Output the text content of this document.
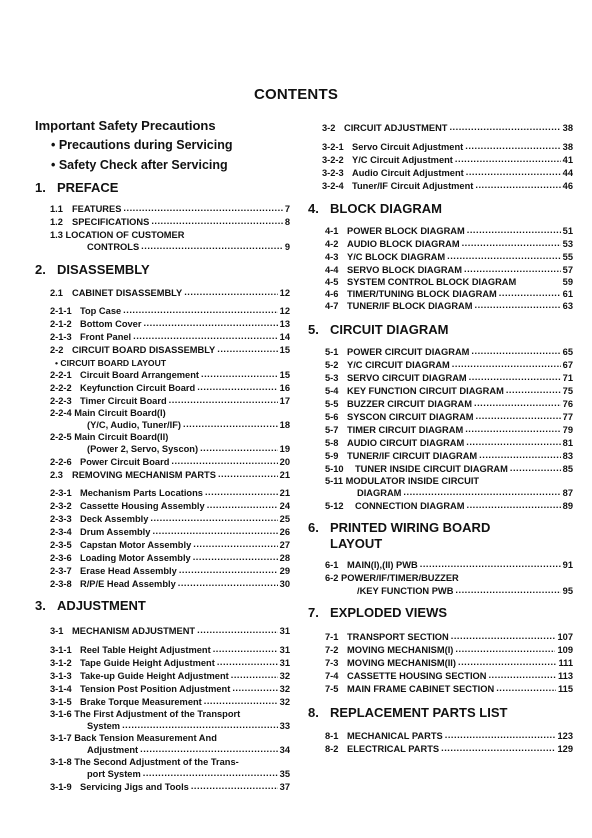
CONTENTS
Important Safety Precautions
• Precautions during Servicing
• Safety Check after Servicing
1. PREFACE
1.1 FEATURES .....	7
1.2 SPECIFICATIONS .....	8
1.3 LOCATION OF CUSTOMER
CONTROLS .....	9
2. DISASSEMBLY
2.1 CABINET DISASSEMBLY .....	12
2-1-1 Top Case .....	12
2-1-2 Bottom Cover .....	13
2-1-3 Front Panel .....	14
2-2 CIRCUIT BOARD DISASSEMBLY .....	15
• CIRCUIT BOARD LAYOUT
2-2-1 Circuit Board Arrangement .....	15
2-2-2 Keyfunction Circuit Board .....	16
2-2-3 Timer Circuit Board .....	17
2-2-4 Main Circuit Board(I)
(Y/C, Audio, Tuner/IF) .....	18
2-2-5 Main Circuit Board(II)
(Power 2, Servo, Syscon) .....	19
2-2-6 Power Circuit Board .....	20
2.3 REMOVING MECHANISM PARTS .....	21
2-3-1 Mechanism Parts Locations .....	21
2-3-2 Cassette Housing Assembly .....	24
2-3-3 Deck Assembly .....	25
2-3-4 Drum Assembly .....	26
2-3-5 Capstan Motor Assembly .....	27
2-3-6 Loading Motor Assembly .....	28
2-3-7 Erase Head Assembly .....	29
2-3-8 R/P/E Head Assembly .....	30
3. ADJUSTMENT
3-1 MECHANISM ADJUSTMENT .....	31
3-1-1 Reel Table Height Adjustment .....	31
3-1-2 Tape Guide Height Adjustment .....	31
3-1-3 Take-up Guide Height Adjustment .....	32
3-1-4 Tension Post Position Adjustment .....	32
3-1-5 Brake Torque Measurement .....	32
3-1-6 The First Adjustment of the Transport
System .....	33
3-1-7 Back Tension Measurement And
Adjustment .....	34
3-1-8 The Second Adjustment of the Trans-
port System .....	35
3-1-9 Servicing Jigs and Tools .....	37
3-2 CIRCUIT ADJUSTMENT .....	38
3-2-1 Servo Circuit Adjustment .....	38
3-2-2 Y/C Circuit Adjustment .....	41
3-2-3 Audio Circuit Adjustment .....	44
3-2-4 Tuner/IF Circuit Adjustment .....	46
4. BLOCK DIAGRAM
4-1 POWER BLOCK DIAGRAM .....	51
4-2 AUDIO BLOCK DIAGRAM .....	53
4-3 Y/C BLOCK DIAGRAM .....	55
4-4 SERVO BLOCK DIAGRAM .....	57
4-5 SYSTEM CONTROL BLOCK DIAGRAM	59
4-6 TIMER/TUNING BLOCK DIAGRAM .....	61
4-7 TUNER/IF BLOCK DIAGRAM .....	63
5. CIRCUIT DIAGRAM
5-1 POWER CIRCUIT DIAGRAM .....	65
5-2 Y/C CIRCUIT DIAGRAM .....	67
5-3 SERVO CIRCUIT DIAGRAM .....	71
5-4 KEY FUNCTION CIRCUIT DIAGRAM .....	75
5-5 BUZZER CIRCUIT DIAGRAM .....	76
5-6 SYSCON CIRCUIT DIAGRAM .....	77
5-7 TIMER CIRCUIT DIAGRAM .....	79
5-8 AUDIO CIRCUIT DIAGRAM .....	81
5-9 TUNER/IF CIRCUIT DIAGRAM .....	83
5-10	TUNER INSIDE CIRCUIT DIAGRAM .....	85
5-11 MODULATOR INSIDE CIRCUIT
DIAGRAM .....	87
5-12	CONNECTION DIAGRAM .....	89
6. PRINTED WIRING BOARD
LAYOUT
6-1 MAIN(I),(II) PWB .....	91
6-2 POWER/IF/TIMER/BUZZER
/KEY FUNCTION PWB .....	95
7. EXPLODED VIEWS
7-1 TRANSPORT SECTION .....	107
7-2 MOVING MECHANISM(I) .....	109
7-3 MOVING MECHANISM(II) .....	111
7-4 CASSETTE HOUSING SECTION .....	113
7-5 MAIN FRAME CABINET SECTION .....	115
8. REPLACEMENT PARTS LIST
8-1 MECHANICAL PARTS .....	123
8-2 ELECTRICAL PARTS .....	129
